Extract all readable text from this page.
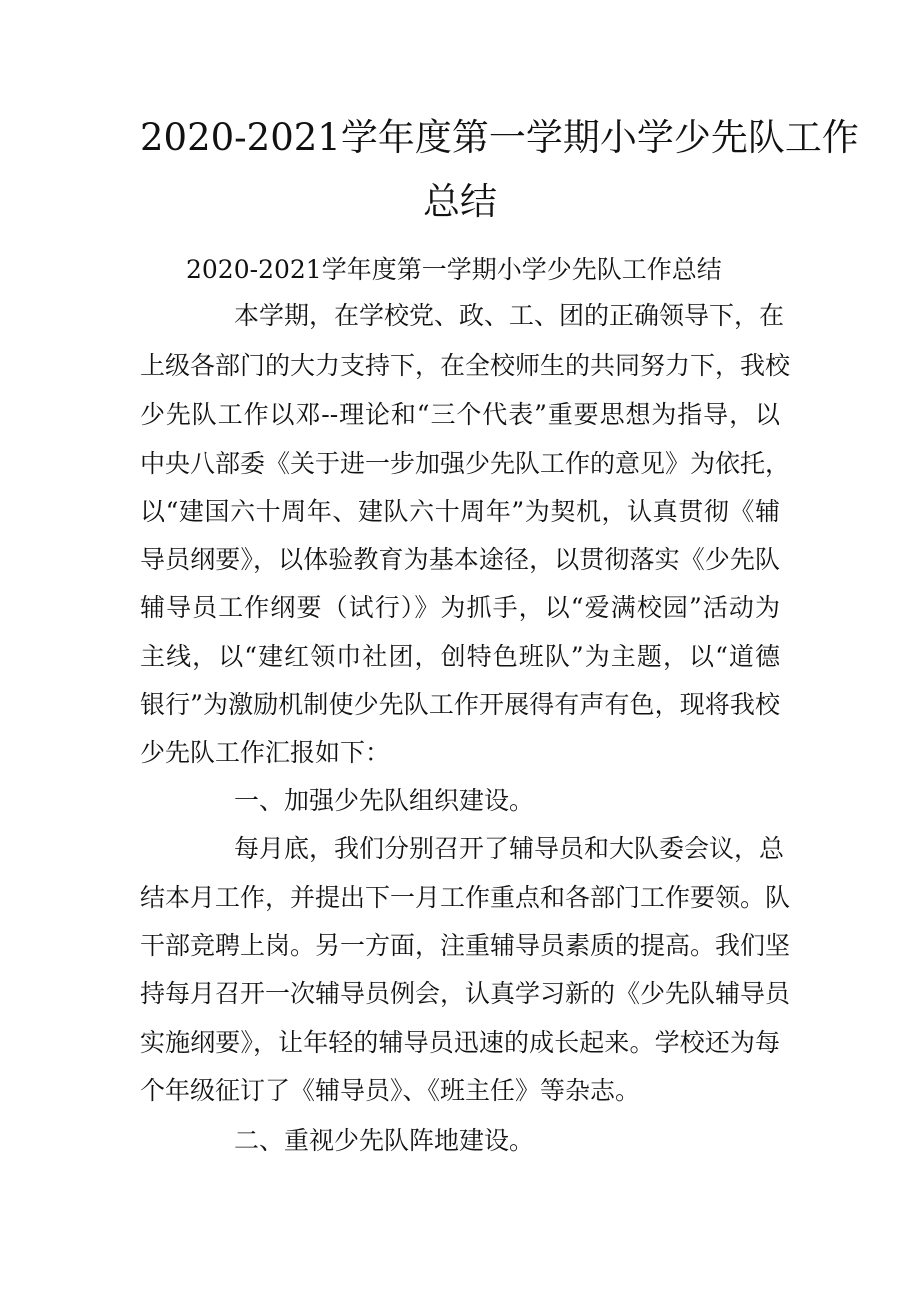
2020-2021学年度第一学期小学少先队工作
总结
2020-2021学年度第一学期小学少先队工作总结
本学期，在学校党、政、工、团的正确领导下，在
上级各部门的大力支持下，在全校师生的共同努力下，我校
少先队工作以邓--理论和“三个代表”重要思想为指导，以
中央八部委《关于进一步加强少先队工作的意见》为依托，
以“建国六十周年、建队六十周年”为契机，认真贯彻《辅
导员纲要》，以体验教育为基本途径，以贯彻落实《少先队
辅导员工作纲要（试行）》为抓手，以“爱满校园”活动为
主线，以“建红领巾社团，创特色班队”为主题，以“道德
银行”为激励机制使少先队工作开展得有声有色，现将我校
少先队工作汇报如下：
一、加强少先队组织建设。
每月底，我们分别召开了辅导员和大队委会议，总
结本月工作，并提出下一月工作重点和各部门工作要领。队
干部竞聘上岗。另一方面，注重辅导员素质的提高。我们坚
持每月召开一次辅导员例会，认真学习新的《少先队辅导员
实施纲要》，让年轻的辅导员迅速的成长起来。学校还为每
个年级征订了《辅导员》、《班主任》等杂志。
二、重视少先队阵地建设。
